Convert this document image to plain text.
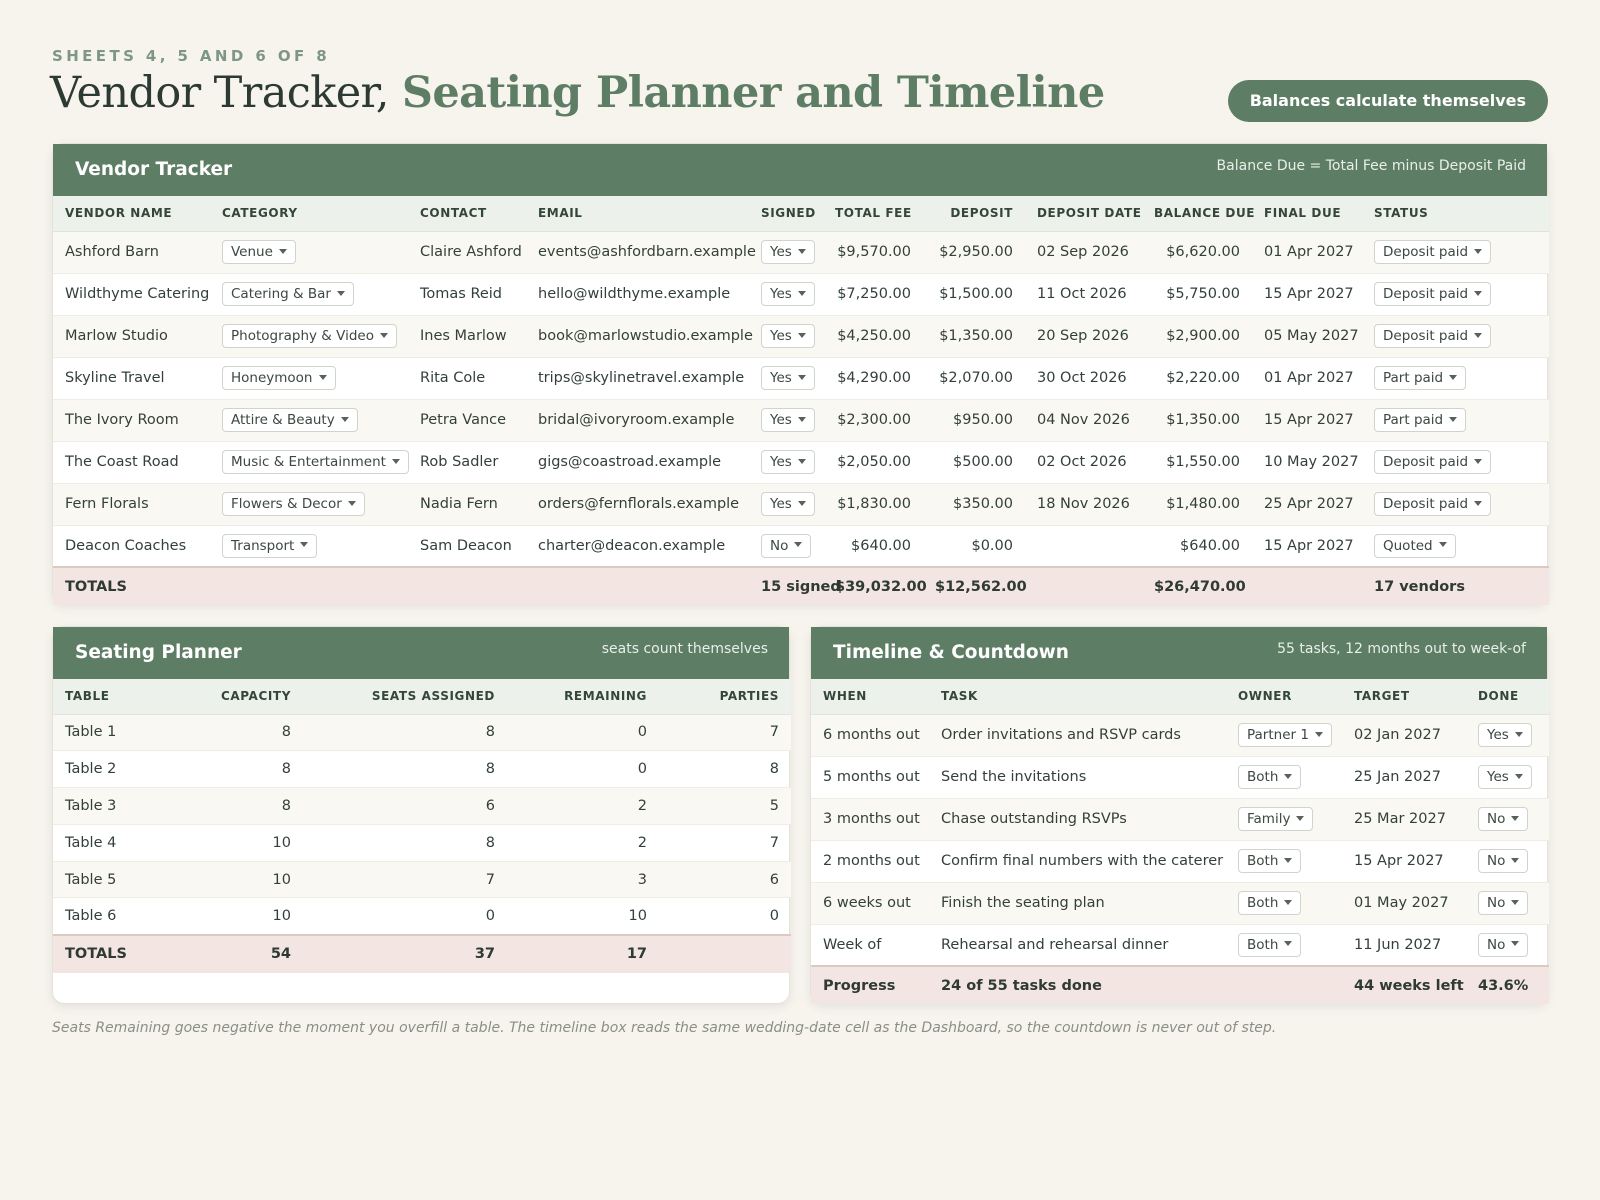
SHEETS 4, 5 AND 6 OF 8
Vendor Tracker, Seating Planner and Timeline	Balances calculate themselves
Vendor Tracker	Balance Due = Total Fee minus Deposit Paid
VENDOR NAME	CATEGORY	CONTACT	EMAIL	SIGNED	TOTAL FEE	DEPOSIT	DEPOSIT DATE	BALANCE DUE	FINAL DUE	STATUS
Ashford Barn	Venue	Claire Ashford	events@ashfordbarn.example	Yes	$9,570.00	$2,950.00	02 Sep 2026	$6,620.00	01 Apr 2027	Deposit paid
Wildthyme Catering	Catering & Bar	Tomas Reid	hello@wildthyme.example	Yes	$7,250.00	$1,500.00	11 Oct 2026	$5,750.00	15 Apr 2027	Deposit paid
Marlow Studio	Photography & Video	Ines Marlow	book@marlowstudio.example	Yes	$4,250.00	$1,350.00	20 Sep 2026	$2,900.00	05 May 2027	Deposit paid
Skyline Travel	Honeymoon	Rita Cole	trips@skylinetravel.example	Yes	$4,290.00	$2,070.00	30 Oct 2026	$2,220.00	01 Apr 2027	Part paid
The Ivory Room	Attire & Beauty	Petra Vance	bridal@ivoryroom.example	Yes	$2,300.00	$950.00	04 Nov 2026	$1,350.00	15 Apr 2027	Part paid
The Coast Road	Music & Entertainment	Rob Sadler	gigs@coastroad.example	Yes	$2,050.00	$500.00	02 Oct 2026	$1,550.00	10 May 2027	Deposit paid
Fern Florals	Flowers & Decor	Nadia Fern	orders@fernflorals.example	Yes	$1,830.00	$350.00	18 Nov 2026	$1,480.00	25 Apr 2027	Deposit paid
Deacon Coaches	Transport	Sam Deacon	charter@deacon.example	No	$640.00	$0.00		$640.00	15 Apr 2027	Quoted
TOTALS				15 signed	$39,032.00	$12,562.00		$26,470.00		17 vendors
Seating Planner	seats count themselves
TABLE	CAPACITY	SEATS ASSIGNED	REMAINING	PARTIES
Table 1	8	8	0	7
Table 2	8	8	0	8
Table 3	8	6	2	5
Table 4	10	8	2	7
Table 5	10	7	3	6
Table 6	10	0	10	0
TOTALS	54	37	17	
Timeline & Countdown	55 tasks, 12 months out to week-of
WHEN	TASK	OWNER	TARGET	DONE
6 months out	Order invitations and RSVP cards	Partner 1	02 Jan 2027	Yes
5 months out	Send the invitations	Both	25 Jan 2027	Yes
3 months out	Chase outstanding RSVPs	Family	25 Mar 2027	No
2 months out	Confirm final numbers with the caterer	Both	15 Apr 2027	No
6 weeks out	Finish the seating plan	Both	01 May 2027	No
Week of	Rehearsal and rehearsal dinner	Both	11 Jun 2027	No
Progress	24 of 55 tasks done		44 weeks left	43.6%
Seats Remaining goes negative the moment you overfill a table. The timeline box reads the same wedding-date cell as the Dashboard, so the countdown is never out of step.
